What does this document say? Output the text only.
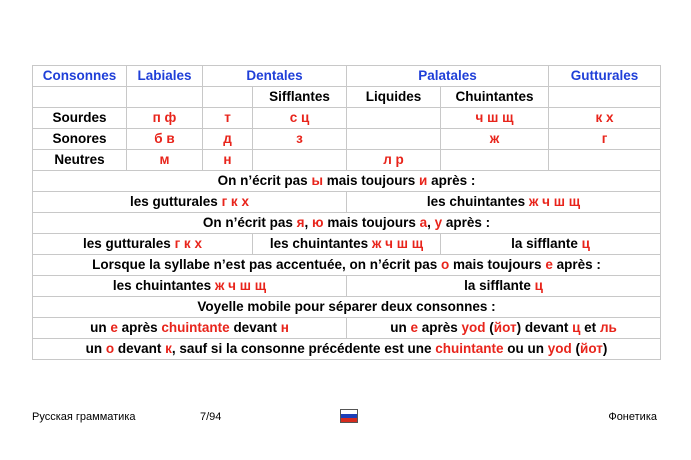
Consonnes	Labiales	Dentales		Palatales		Gutturales
			Sifflantes	Liquides	Chuintantes	
Sourdes	п ф	т	с ц		ч ш щ	к х
Sonores	б в	д	з		ж	г
Neutres	м	н		л р		
On n’écrit pas ы mais toujours и après :						
les gutturales г к х				les chuintantes ж ч ш щ		
On n’écrit pas я, ю mais toujours а, у après :						
les gutturales г к х			les chuintantes ж ч ш щ		la sifflante ц	
Lorsque la syllabe n’est pas accentuée, on n’écrit pas о mais toujours е après :						
les chuintantes ж ч ш щ				la sifflante ц		
Voyelle mobile pour séparer deux consonnes :						
un е après chuintante devant н				un е après yod (йот) devant ц et ль		
un о devant к, sauf si la consonne précédente est une chuintante ou un yod (йот)						
Русская грамматика	7/94	Фонетика
